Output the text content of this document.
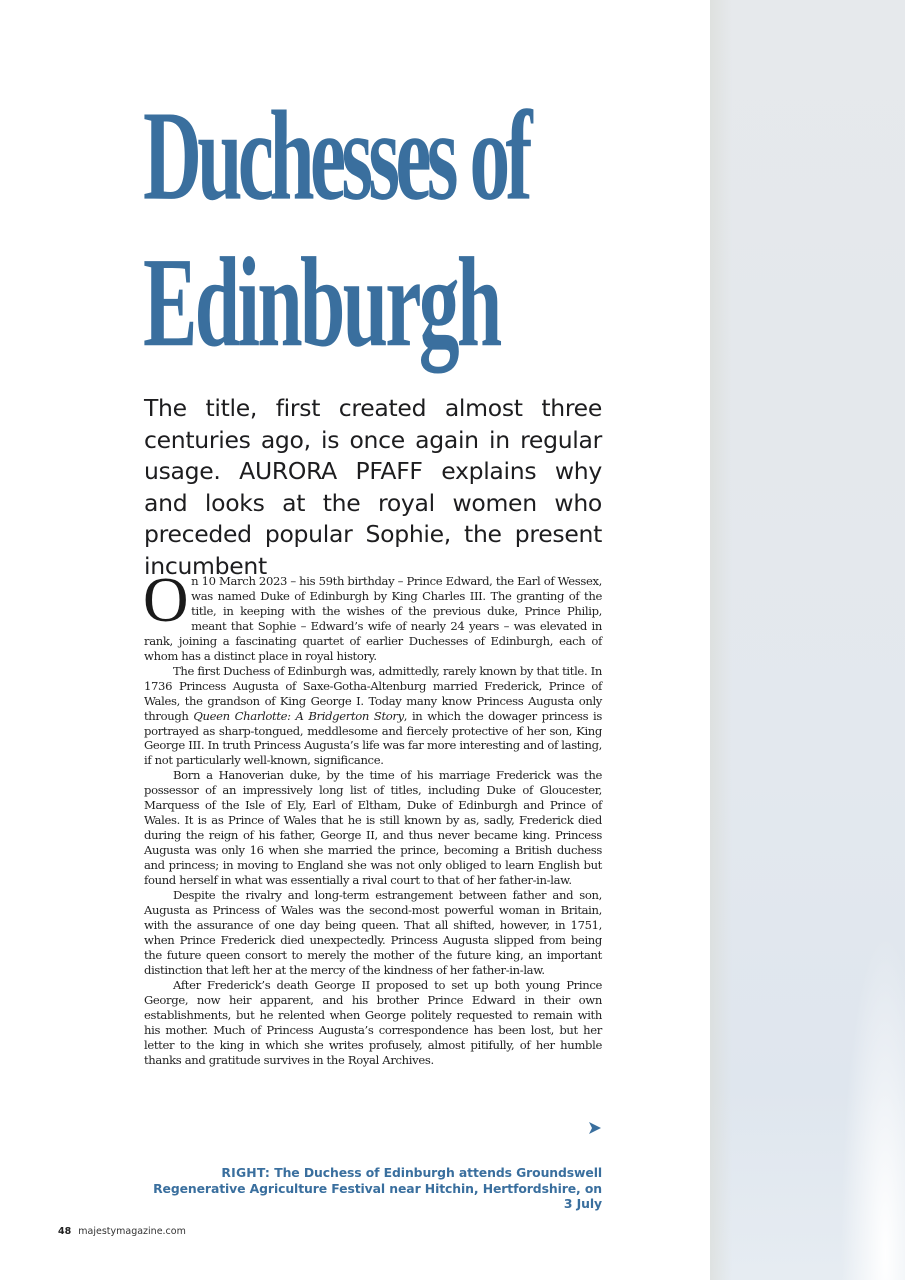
Duchesses of
Edinburgh
The title, first created almost three centuries ago, is once again in regular usage. AURORA PFAFF explains why and looks at the royal women who preceded popular Sophie, the present incumbent

On 10 March 2023 – his 59th birthday – Prince Edward, the Earl of Wessex, was named Duke of Edinburgh by King Charles III. The granting of the title, in keeping with the wishes of the previous duke, Prince Philip, meant that Sophie – Edward’s wife of nearly 24 years – was elevated in rank, joining a fascinating quartet of earlier Duchesses of Edinburgh, each of whom has a distinct place in royal history.

The first Duchess of Edinburgh was, admittedly, rarely known by that title. In 1736 Princess Augusta of Saxe-Gotha-Altenburg married Frederick, Prince of Wales, the grandson of King George I. Today many know Princess Augusta only through Queen Charlotte: A Bridgerton Story, in which the dowager princess is portrayed as sharp-tongued, meddlesome and fiercely protective of her son, King George III. In truth Princess Augusta’s life was far more interesting and of lasting, if not particularly well-known, significance.

Born a Hanoverian duke, by the time of his marriage Frederick was the possessor of an impressively long list of titles, including Duke of Gloucester, Marquess of the Isle of Ely, Earl of Eltham, Duke of Edinburgh and Prince of Wales. It is as Prince of Wales that he is still known by as, sadly, Frederick died during the reign of his father, George II, and thus never became king. Princess Augusta was only 16 when she married the prince, becoming a British duchess and princess; in moving to England she was not only obliged to learn English but found herself in what was essentially a rival court to that of her father-in-law.

Despite the rivalry and long-term estrangement between father and son, Augusta as Princess of Wales was the second-most powerful woman in Britain, with the assurance of one day being queen. That all shifted, however, in 1751, when Prince Frederick died unexpectedly. Princess Augusta slipped from being the future queen consort to merely the mother of the future king, an important distinction that left her at the mercy of the kindness of her father-in-law.

After Frederick’s death George II proposed to set up both young Prince George, now heir apparent, and his brother Prince Edward in their own establishments, but he relented when George politely requested to remain with his mother. Much of Princess Augusta’s correspondence has been lost, but her letter to the king in which she writes profusely, almost pitifully, of her humble thanks and gratitude survives in the Royal Archives.

RIGHT: The Duchess of Edinburgh attends Groundswell Regenerative Agriculture Festival near Hitchin, Hertfordshire, on 3 July
48 majestymagazine.com
